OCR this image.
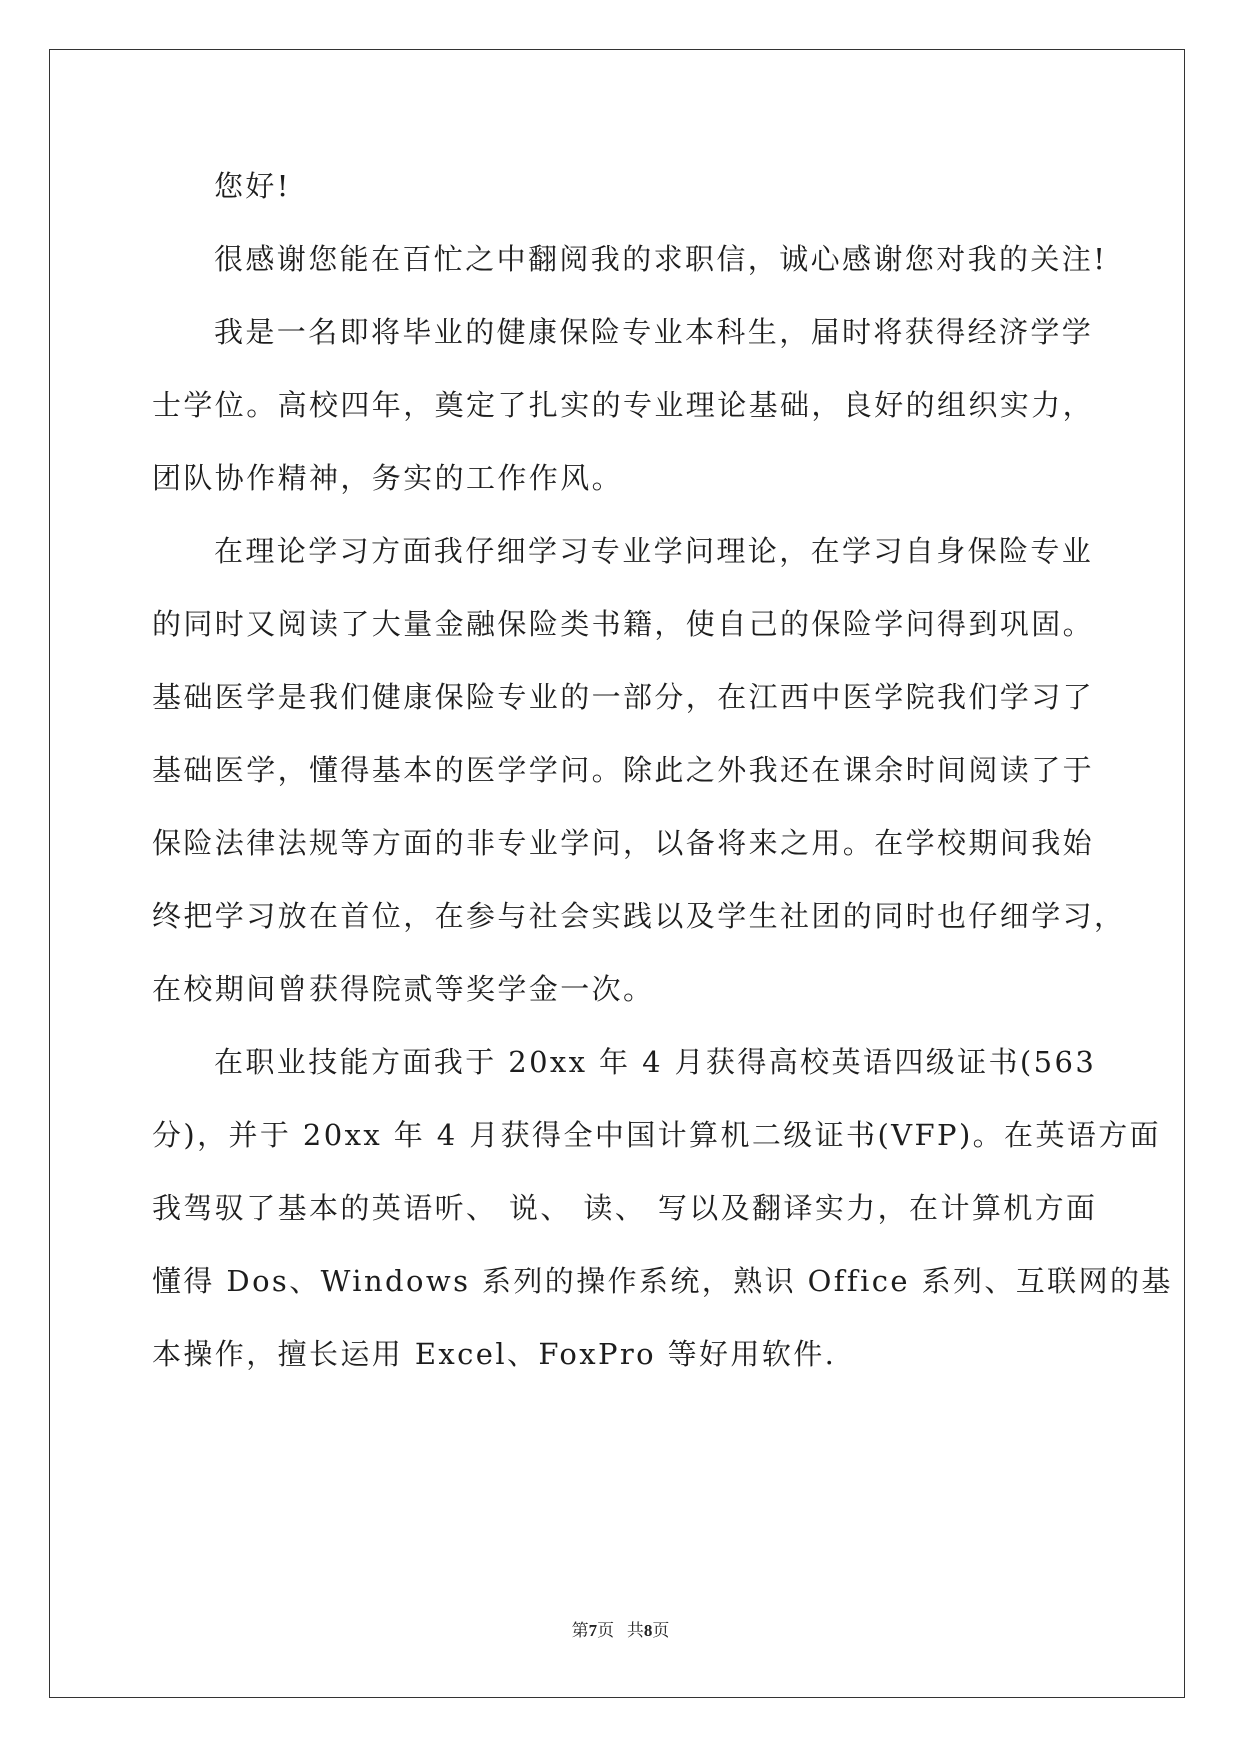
您好!
很感谢您能在百忙之中翻阅我的求职信，诚心感谢您对我的关注!
我是一名即将毕业的健康保险专业本科生，届时将获得经济学学
士学位。高校四年，奠定了扎实的专业理论基础，良好的组织实力，
团队协作精神，务实的工作作风。
在理论学习方面我仔细学习专业学问理论，在学习自身保险专业
的同时又阅读了大量金融保险类书籍，使自己的保险学问得到巩固。
基础医学是我们健康保险专业的一部分，在江西中医学院我们学习了
基础医学，懂得基本的医学学问。除此之外我还在课余时间阅读了于
保险法律法规等方面的非专业学问，以备将来之用。在学校期间我始
终把学习放在首位，在参与社会实践以及学生社团的同时也仔细学习，
在校期间曾获得院贰等奖学金一次。
在职业技能方面我于 20xx 年 4 月获得高校英语四级证书(563
分)，并于 20xx 年 4 月获得全中国计算机二级证书(VFP)。在英语方面
我驾驭了基本的英语听、 说、 读、 写以及翻译实力，在计算机方面
懂得 Dos、Windows 系列的操作系统，熟识 Office 系列、互联网的基
本操作，擅长运用 Excel、FoxPro 等好用软件.
第7页   共8页
